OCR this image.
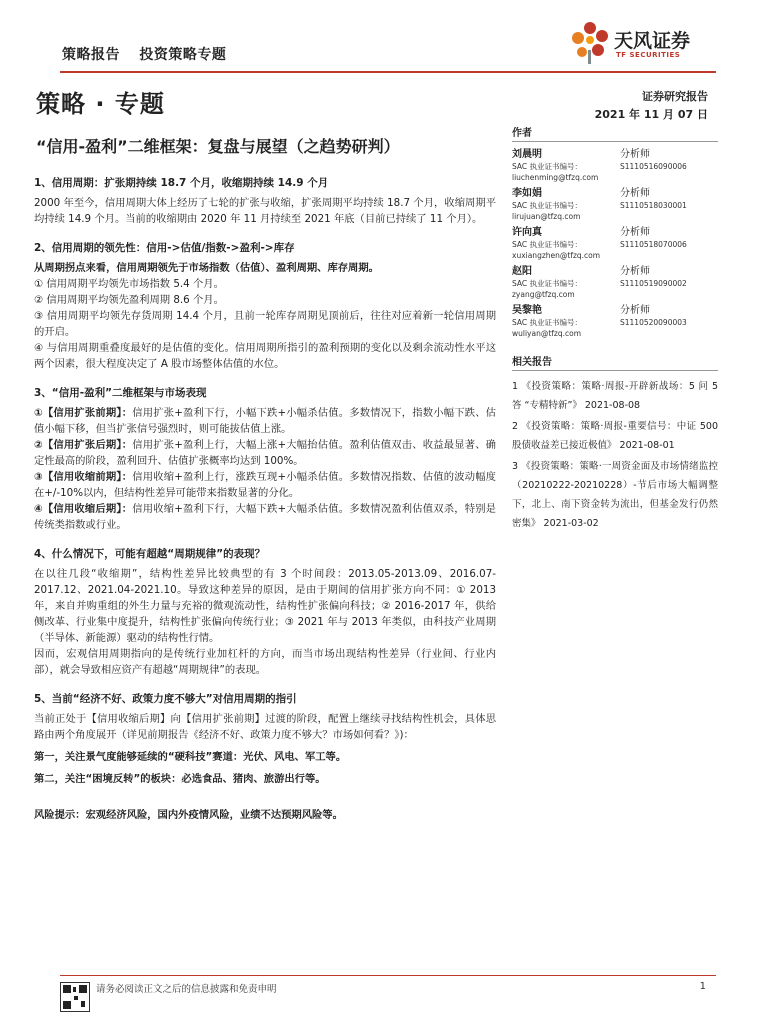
策略报告 投资策略专题
天风证券
TF SECURITIES
策略 · 专题	证券研究报告
2021 年 11 月 07 日
“信用-盈利”二维框架：复盘与展望（之趋势研判）
1、信用周期：扩张期持续 18.7 个月，收缩期持续 14.9 个月

2000 年至今，信用周期大体上经历了七轮的扩张与收缩，扩张周期平均持续 18.7 个月，收缩周期平均持续 14.9 个月。当前的收缩期由 2020 年 11 月持续至 2021 年底（目前已持续了 11 个月）。

2、信用周期的领先性：信用->估值/指数->盈利->库存

从周期拐点来看，信用周期领先于市场指数（估值）、盈利周期、库存周期。

① 信用周期平均领先市场指数 5.4 个月。

② 信用周期平均领先盈利周期 8.6 个月。

③ 信用周期平均领先存货周期 14.4 个月，且前一轮库存周期见顶前后，往往对应着新一轮信用周期的开启。

④ 与信用周期重叠度最好的是估值的变化。信用周期所指引的盈利预期的变化以及剩余流动性水平这两个因素，很大程度决定了 A 股市场整体估值的水位。

3、“信用-盈利”二维框架与市场表现

①【信用扩张前期】：信用扩张+盈利下行，小幅下跌+小幅杀估值。多数情况下，指数小幅下跌、估值小幅下移，但当扩张信号强烈时，则可能拔估值上涨。

②【信用扩张后期】：信用扩张+盈利上行，大幅上涨+大幅抬估值。盈利估值双击、收益最显著、确定性最高的阶段，盈利回升、估值扩张概率均达到 100%。

③【信用收缩前期】：信用收缩+盈利上行，涨跌互现+小幅杀估值。多数情况指数、估值的波动幅度在+/-10%以内，但结构性差异可能带来指数显著的分化。

④【信用收缩后期】：信用收缩+盈利下行，大幅下跌+大幅杀估值。多数情况盈利估值双杀，特别是传统类指数或行业。

4、什么情况下，可能有超越“周期规律”的表现？

在以往几段“收缩期”，结构性差异比较典型的有 3 个时间段：2013.05-2013.09、2016.07-2017.12、2021.04-2021.10。导致这种差异的原因，是由于期间的信用扩张方向不同：① 2013 年，来自并购重组的外生力量与充裕的微观流动性，结构性扩张偏向科技；② 2016-2017 年，供给侧改革、行业集中度提升，结构性扩张偏向传统行业；③ 2021 年与 2013 年类似，由科技产业周期（半导体、新能源）驱动的结构性行情。

因而，宏观信用周期指向的是传统行业加杠杆的方向，而当市场出现结构性差异（行业间、行业内部），就会导致相应资产有超越“周期规律”的表现。

5、当前“经济不好、政策力度不够大”对信用周期的指引

当前正处于【信用收缩后期】向【信用扩张前期】过渡的阶段，配置上继续寻找结构性机会，具体思路由两个角度展开（详见前期报告《经济不好、政策力度不够大？市场如何看？》)：

第一，关注景气度能够延续的“硬科技”赛道：光伏、风电、军工等。

第二，关注“困境反转”的板块：必选食品、猪肉、旅游出行等。

风险提示：宏观经济风险，国内外疫情风险，业绩不达预期风险等。

作者
刘晨明	分析师
SAC 执业证书编号：	S1110516090006
liuchenming@tfzq.com
李如娟	分析师
SAC 执业证书编号：	S1110518030001
lirujuan@tfzq.com
许向真	分析师
SAC 执业证书编号：	S1110518070006
xuxiangzhen@tfzq.com
赵阳	分析师
SAC 执业证书编号：	S1110519090002
zyang@tfzq.com
吴黎艳	分析师
SAC 执业证书编号：	S1110520090003
wuliyan@tfzq.com
相关报告
1 《投资策略：策略·周报-开辟新战场：5 问 5 答 “专精特新”》 2021-08-08
2 《投资策略：策略·周报-重要信号：中证 500 股债收益差已接近极值》 2021-08-01
3 《投资策略：策略·一周资金面及市场情绪监控（20210222-20210228）-节后市场大幅调整下，北上、南下资金转为流出，但基金发行仍然密集》 2021-03-02
请务必阅读正文之后的信息披露和免责申明	1
